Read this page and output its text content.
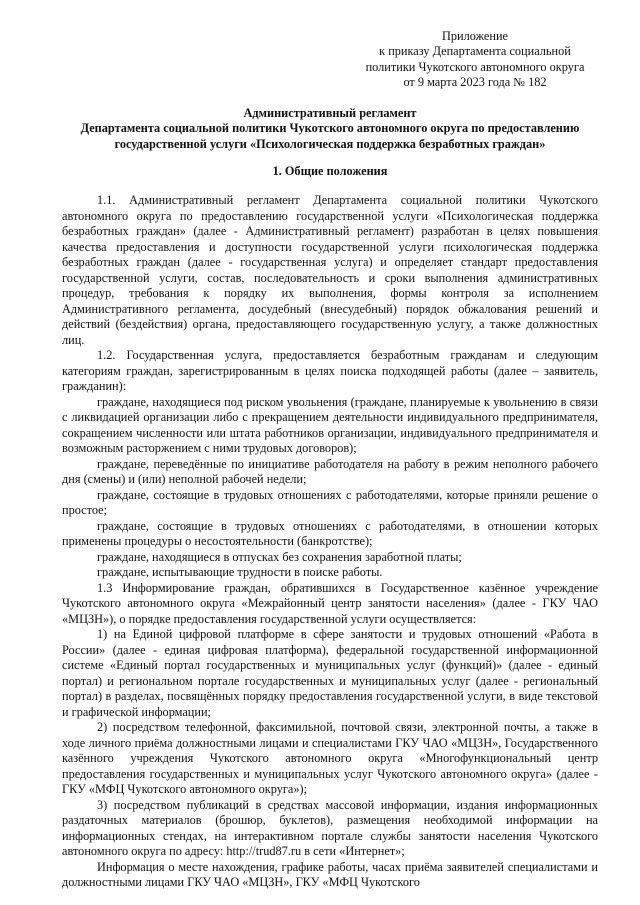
Приложение
к приказу Департамента социальной
политики Чукотского автономного округа
от 9 марта 2023 года № 182
Административный регламент
Департамента социальной политики Чукотского автономного округа по предоставлению
государственной услуги «Психологическая поддержка безработных граждан»
1. Общие положения

1.1. Административный регламент Департамента социальной политики Чукотского автономного округа по предоставлению государственной услуги «Психологическая поддержка безработных граждан» (далее - Административный регламент) разработан в целях повышения качества предоставления и доступности государственной услуги психологическая поддержка безработных граждан (далее - государственная услуга) и определяет стандарт предоставления государственной услуги, состав, последовательность и сроки выполнения административных процедур, требования к порядку их выполнения, формы контроля за исполнением Административного регламента, досудебный (внесудебный) порядок обжалования решений и действий (бездействия) органа, предоставляющего государственную услугу, а также должностных лиц.

1.2. Государственная услуга, предоставляется безработным гражданам и следующим категориям граждан, зарегистрированным в целях поиска подходящей работы (далее – заявитель, гражданин):

граждане, находящиеся под риском увольнения (граждане, планируемые к увольнению в связи с ликвидацией организации либо с прекращением деятельности индивидуального предпринимателя, сокращением численности или штата работников организации, индивидуального предпринимателя и возможным расторжением с ними трудовых договоров);

граждане, переведённые по инициативе работодателя на работу в режим неполного рабочего дня (смены) и (или) неполной рабочей недели;

граждане, состоящие в трудовых отношениях с работодателями, которые приняли решение о простое;

граждане, состоящие в трудовых отношениях с работодателями, в отношении которых применены процедуры о несостоятельности (банкротстве);

граждане, находящиеся в отпусках без сохранения заработной платы;

граждане, испытывающие трудности в поиске работы.

1.3 Информирование граждан, обратившихся в Государственное казённое учреждение Чукотского автономного округа «Межрайонный центр занятости населения» (далее - ГКУ ЧАО «МЦЗН»), о порядке предоставления государственной услуги осуществляется:

1) на Единой цифровой платформе в сфере занятости и трудовых отношений «Работа в России» (далее - единая цифровая платформа), федеральной государственной информационной системе «Единый портал государственных и муниципальных услуг (функций)» (далее - единый портал) и региональном портале государственных и муниципальных услуг (далее - региональный портал) в разделах, посвящённых порядку предоставления государственной услуги, в виде текстовой и графической информации;

2) посредством телефонной, факсимильной, почтовой связи, электронной почты, а также в ходе личного приёма должностными лицами и специалистами ГКУ ЧАО «МЦЗН», Государственного казённого учреждения Чукотского автономного округа «Многофункциональный центр предоставления государственных и муниципальных услуг Чукотского автономного округа» (далее - ГКУ «МФЦ Чукотского автономного округа»);

3) посредством публикаций в средствах массовой информации, издания информационных раздаточных материалов (брошюр, буклетов), размещения необходимой информации на информационных стендах, на интерактивном портале службы занятости населения Чукотского автономного округа по адресу: http://trud87.ru в сети «Интернет»;

Информация о месте нахождения, графике работы, часах приёма заявителей специалистами и должностными лицами ГКУ ЧАО «МЦЗН», ГКУ «МФЦ Чукотского
